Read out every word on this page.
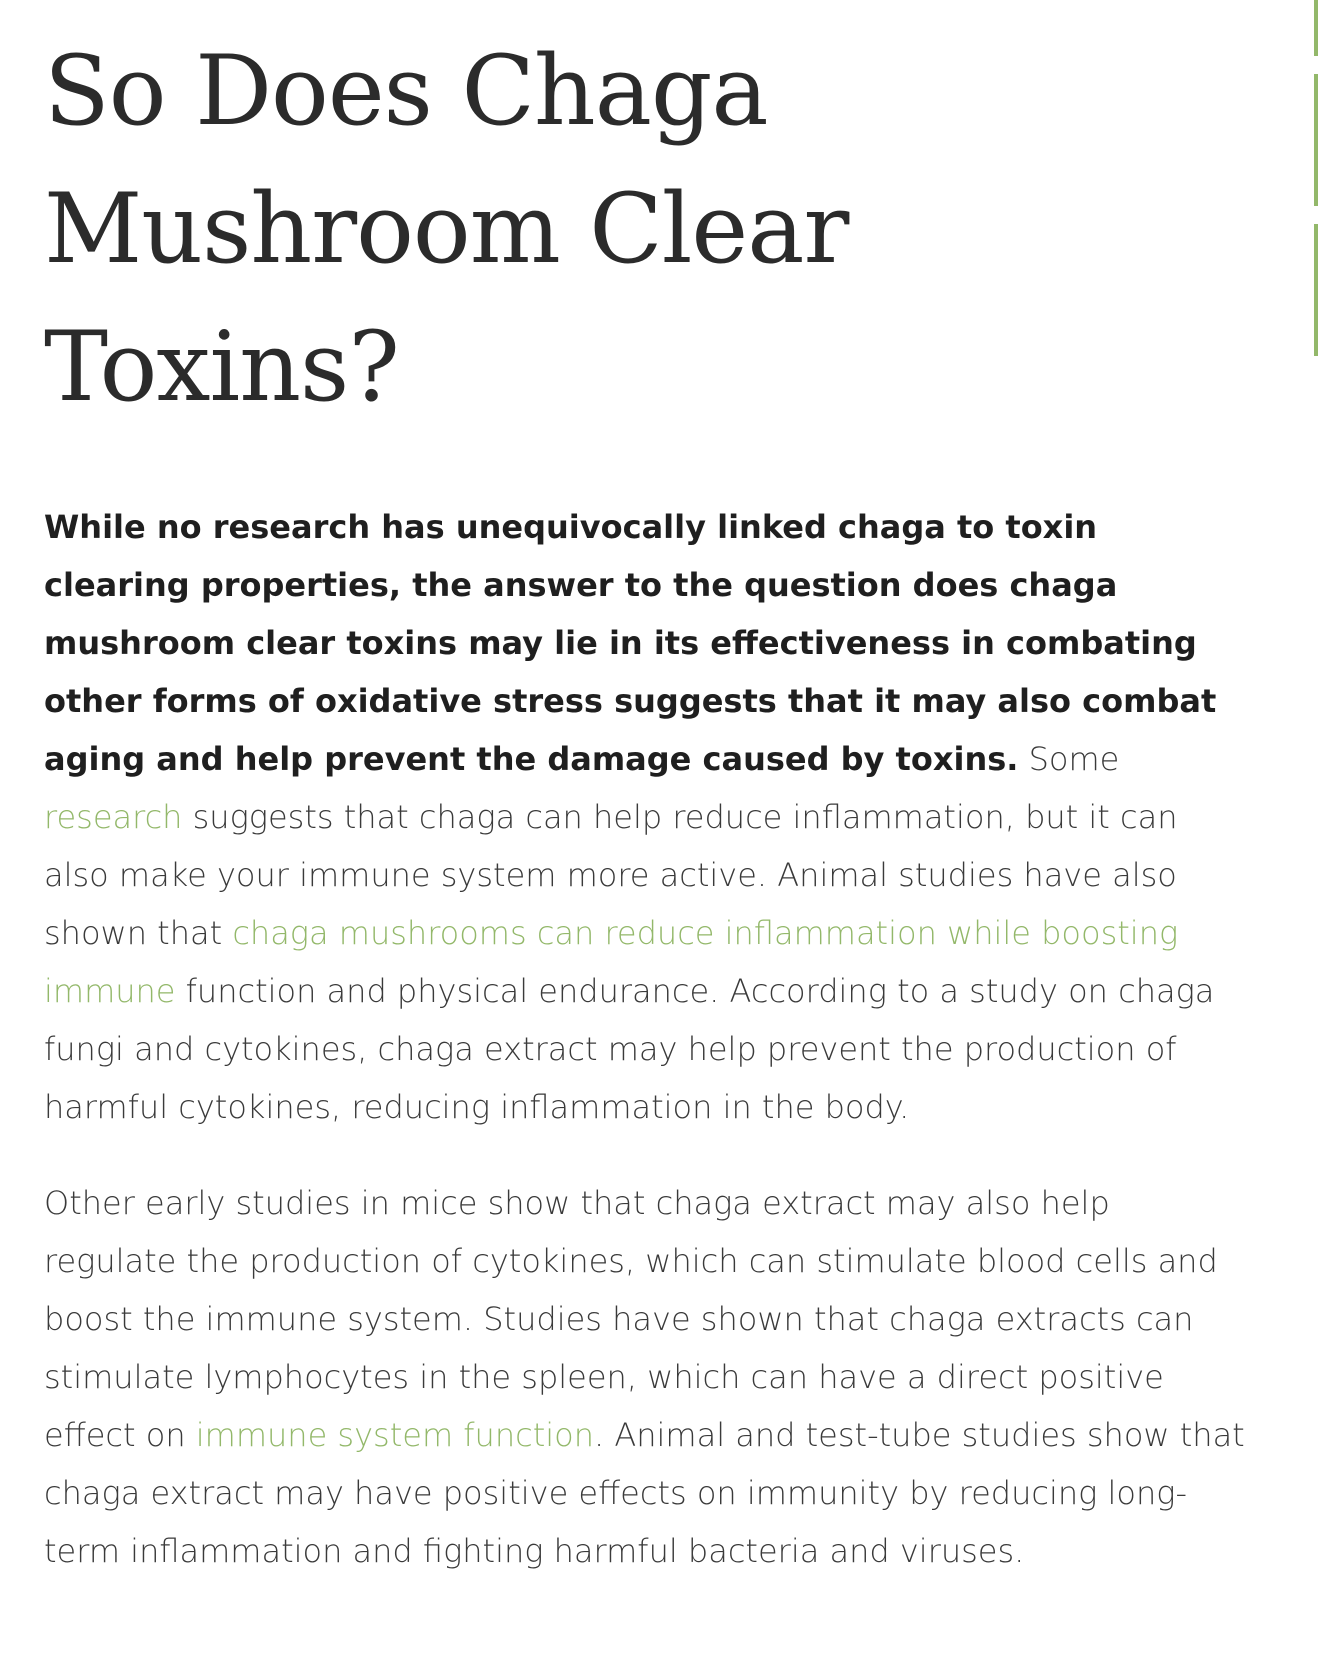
So Does Chaga Mushroom Clear Toxins?

While no research has unequivocally linked chaga to toxin clearing properties, the answer to the question does chaga mushroom clear toxins may lie in its effectiveness in combating other forms of oxidative stress suggests that it may also combat aging and help prevent the damage caused by toxins. Some research suggests that chaga can help reduce inflammation, but it can also make your immune system more active. Animal studies have also shown that chaga mushrooms can reduce inflammation while boosting immune function and physical endurance. According to a study on chaga fungi and cytokines, chaga extract may help prevent the production of harmful cytokines, reducing inflammation in the body.

Other early studies in mice show that chaga extract may also help regulate the production of cytokines, which can stimulate blood cells and boost the immune system. Studies have shown that chaga extracts can stimulate lymphocytes in the spleen, which can have a direct positive effect on immune system function. Animal and test-tube studies show that chaga extract may have positive effects on immunity by reducing long-term inflammation and fighting harmful bacteria and viruses.
